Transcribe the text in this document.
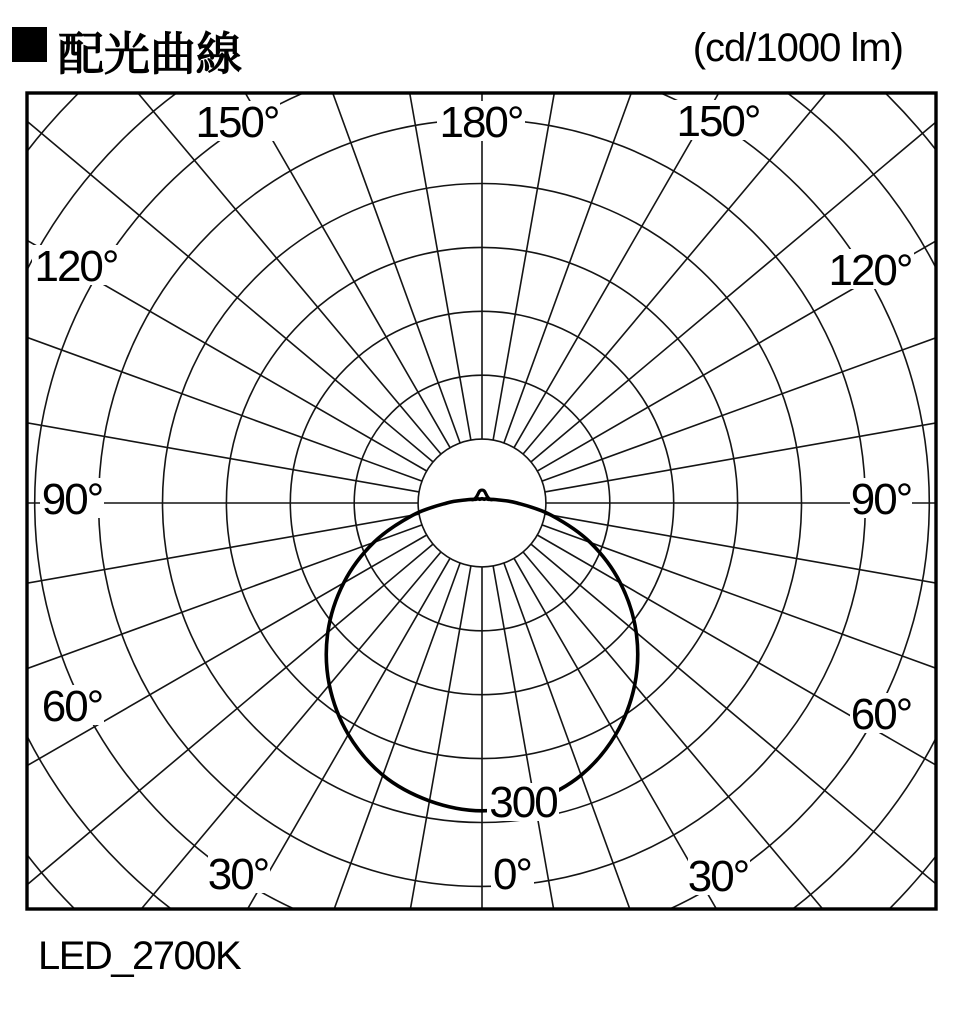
配光曲線	(cd/1000 lm)
180°
150°	150°
120°	120°
90°	90°
60°	60°
30°	30°
0°
300
LED_2700K
